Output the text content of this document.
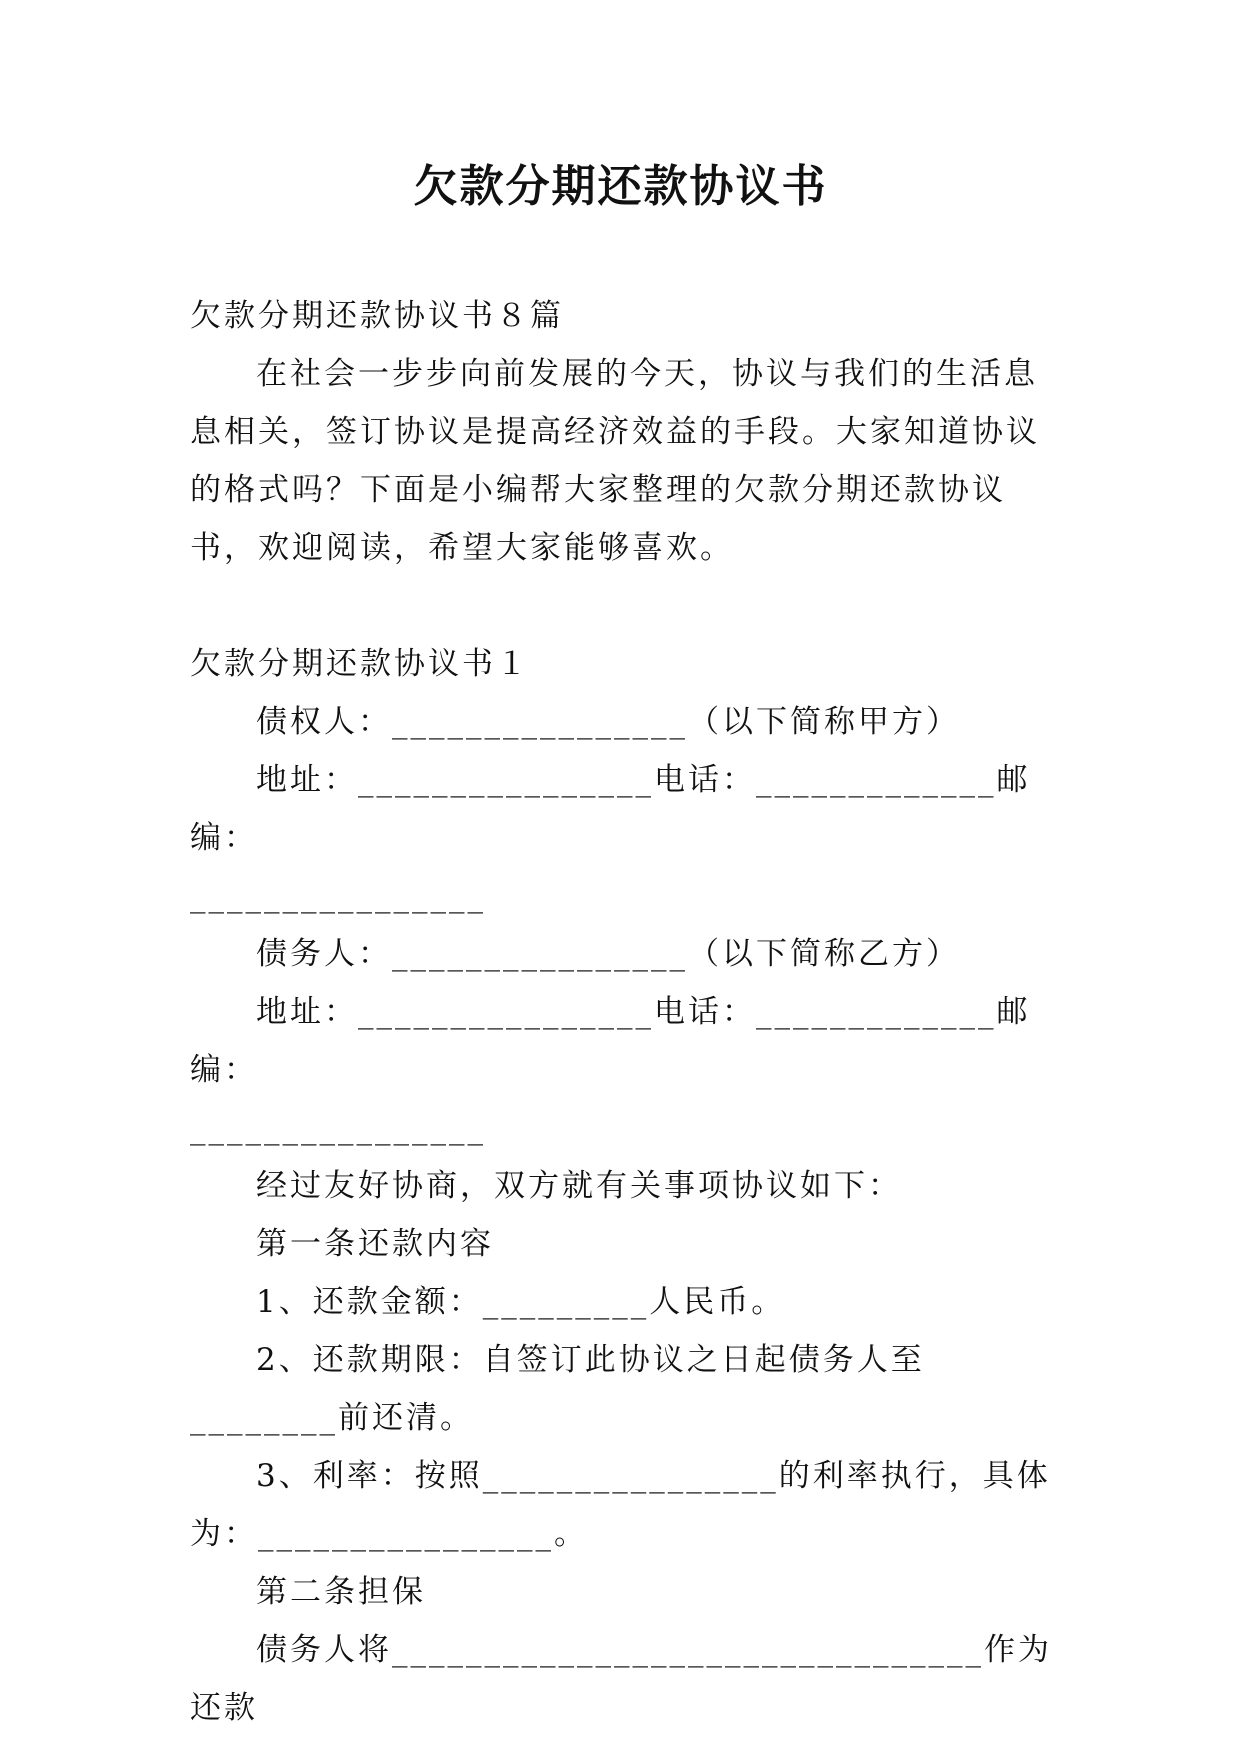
欠款分期还款协议书

欠款分期还款协议书８篇

在社会一步步向前发展的今天，协议与我们的生活息息相关，签订协议是提高经济效益的手段。大家知道协议的格式吗？下面是小编帮大家整理的欠款分期还款协议书，欢迎阅读，希望大家能够喜欢。

欠款分期还款协议书１

债权人：________________（以下简称甲方）

地址：________________电话：_____________邮编：

________________

债务人：________________（以下简称乙方）

地址：________________电话：_____________邮编：

________________

经过友好协商，双方就有关事项协议如下：

第一条还款内容

1、还款金额：_________人民币。

2、还款期限：自签订此协议之日起债务人至________前还清。

3、利率：按照________________的利率执行，具体为：________________。

第二条担保

债务人将________________________________作为还款
